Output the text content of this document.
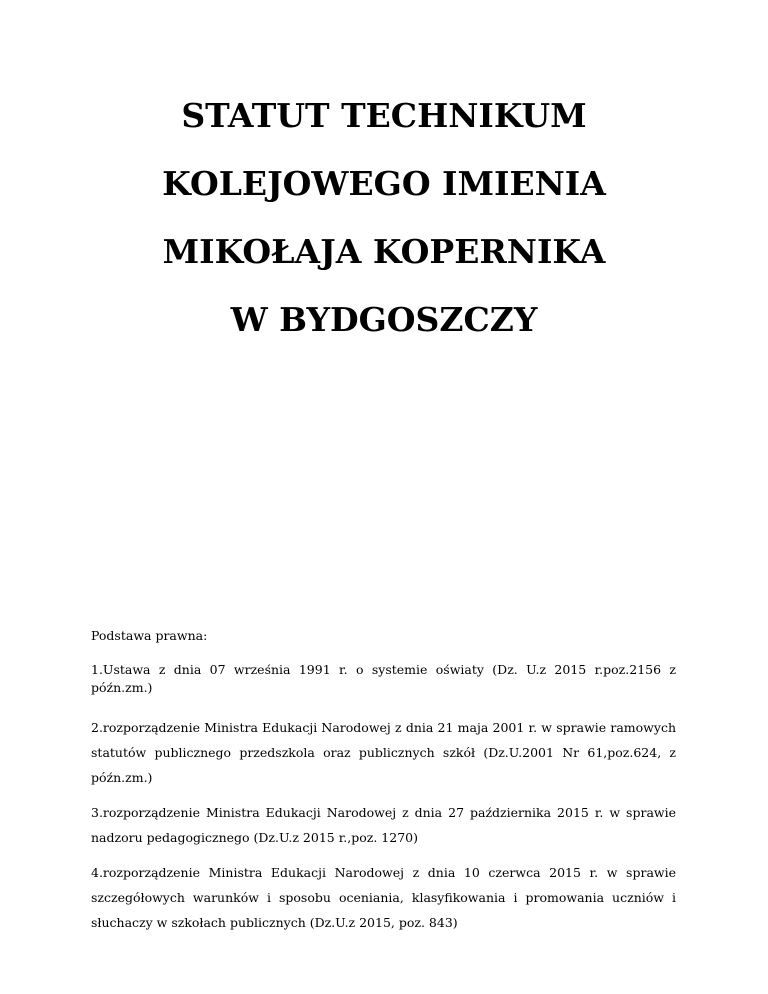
STATUT TECHNIKUM
KOLEJOWEGO IMIENIA
MIKOŁAJA KOPERNIKA
W BYDGOSZCZY

Podstawa prawna:

1.Ustawa z dnia 07 września 1991 r. o systemie oświaty (Dz. U.z 2015 r.poz.2156 z późn.zm.)

2.rozporządzenie Ministra Edukacji Narodowej z dnia 21 maja 2001 r. w sprawie ramowych statutów publicznego przedszkola oraz publicznych szkół (Dz.U.2001 Nr 61,poz.624, z późn.zm.)

3.rozporządzenie Ministra Edukacji Narodowej z dnia 27 października 2015 r. w sprawie nadzoru pedagogicznego (Dz.U.z 2015 r.,poz. 1270)

4.rozporządzenie Ministra Edukacji Narodowej z dnia 10 czerwca 2015 r. w sprawie szczegółowych warunków i sposobu oceniania, klasyfikowania i promowania uczniów i słuchaczy w szkołach publicznych (Dz.U.z 2015, poz. 843)
